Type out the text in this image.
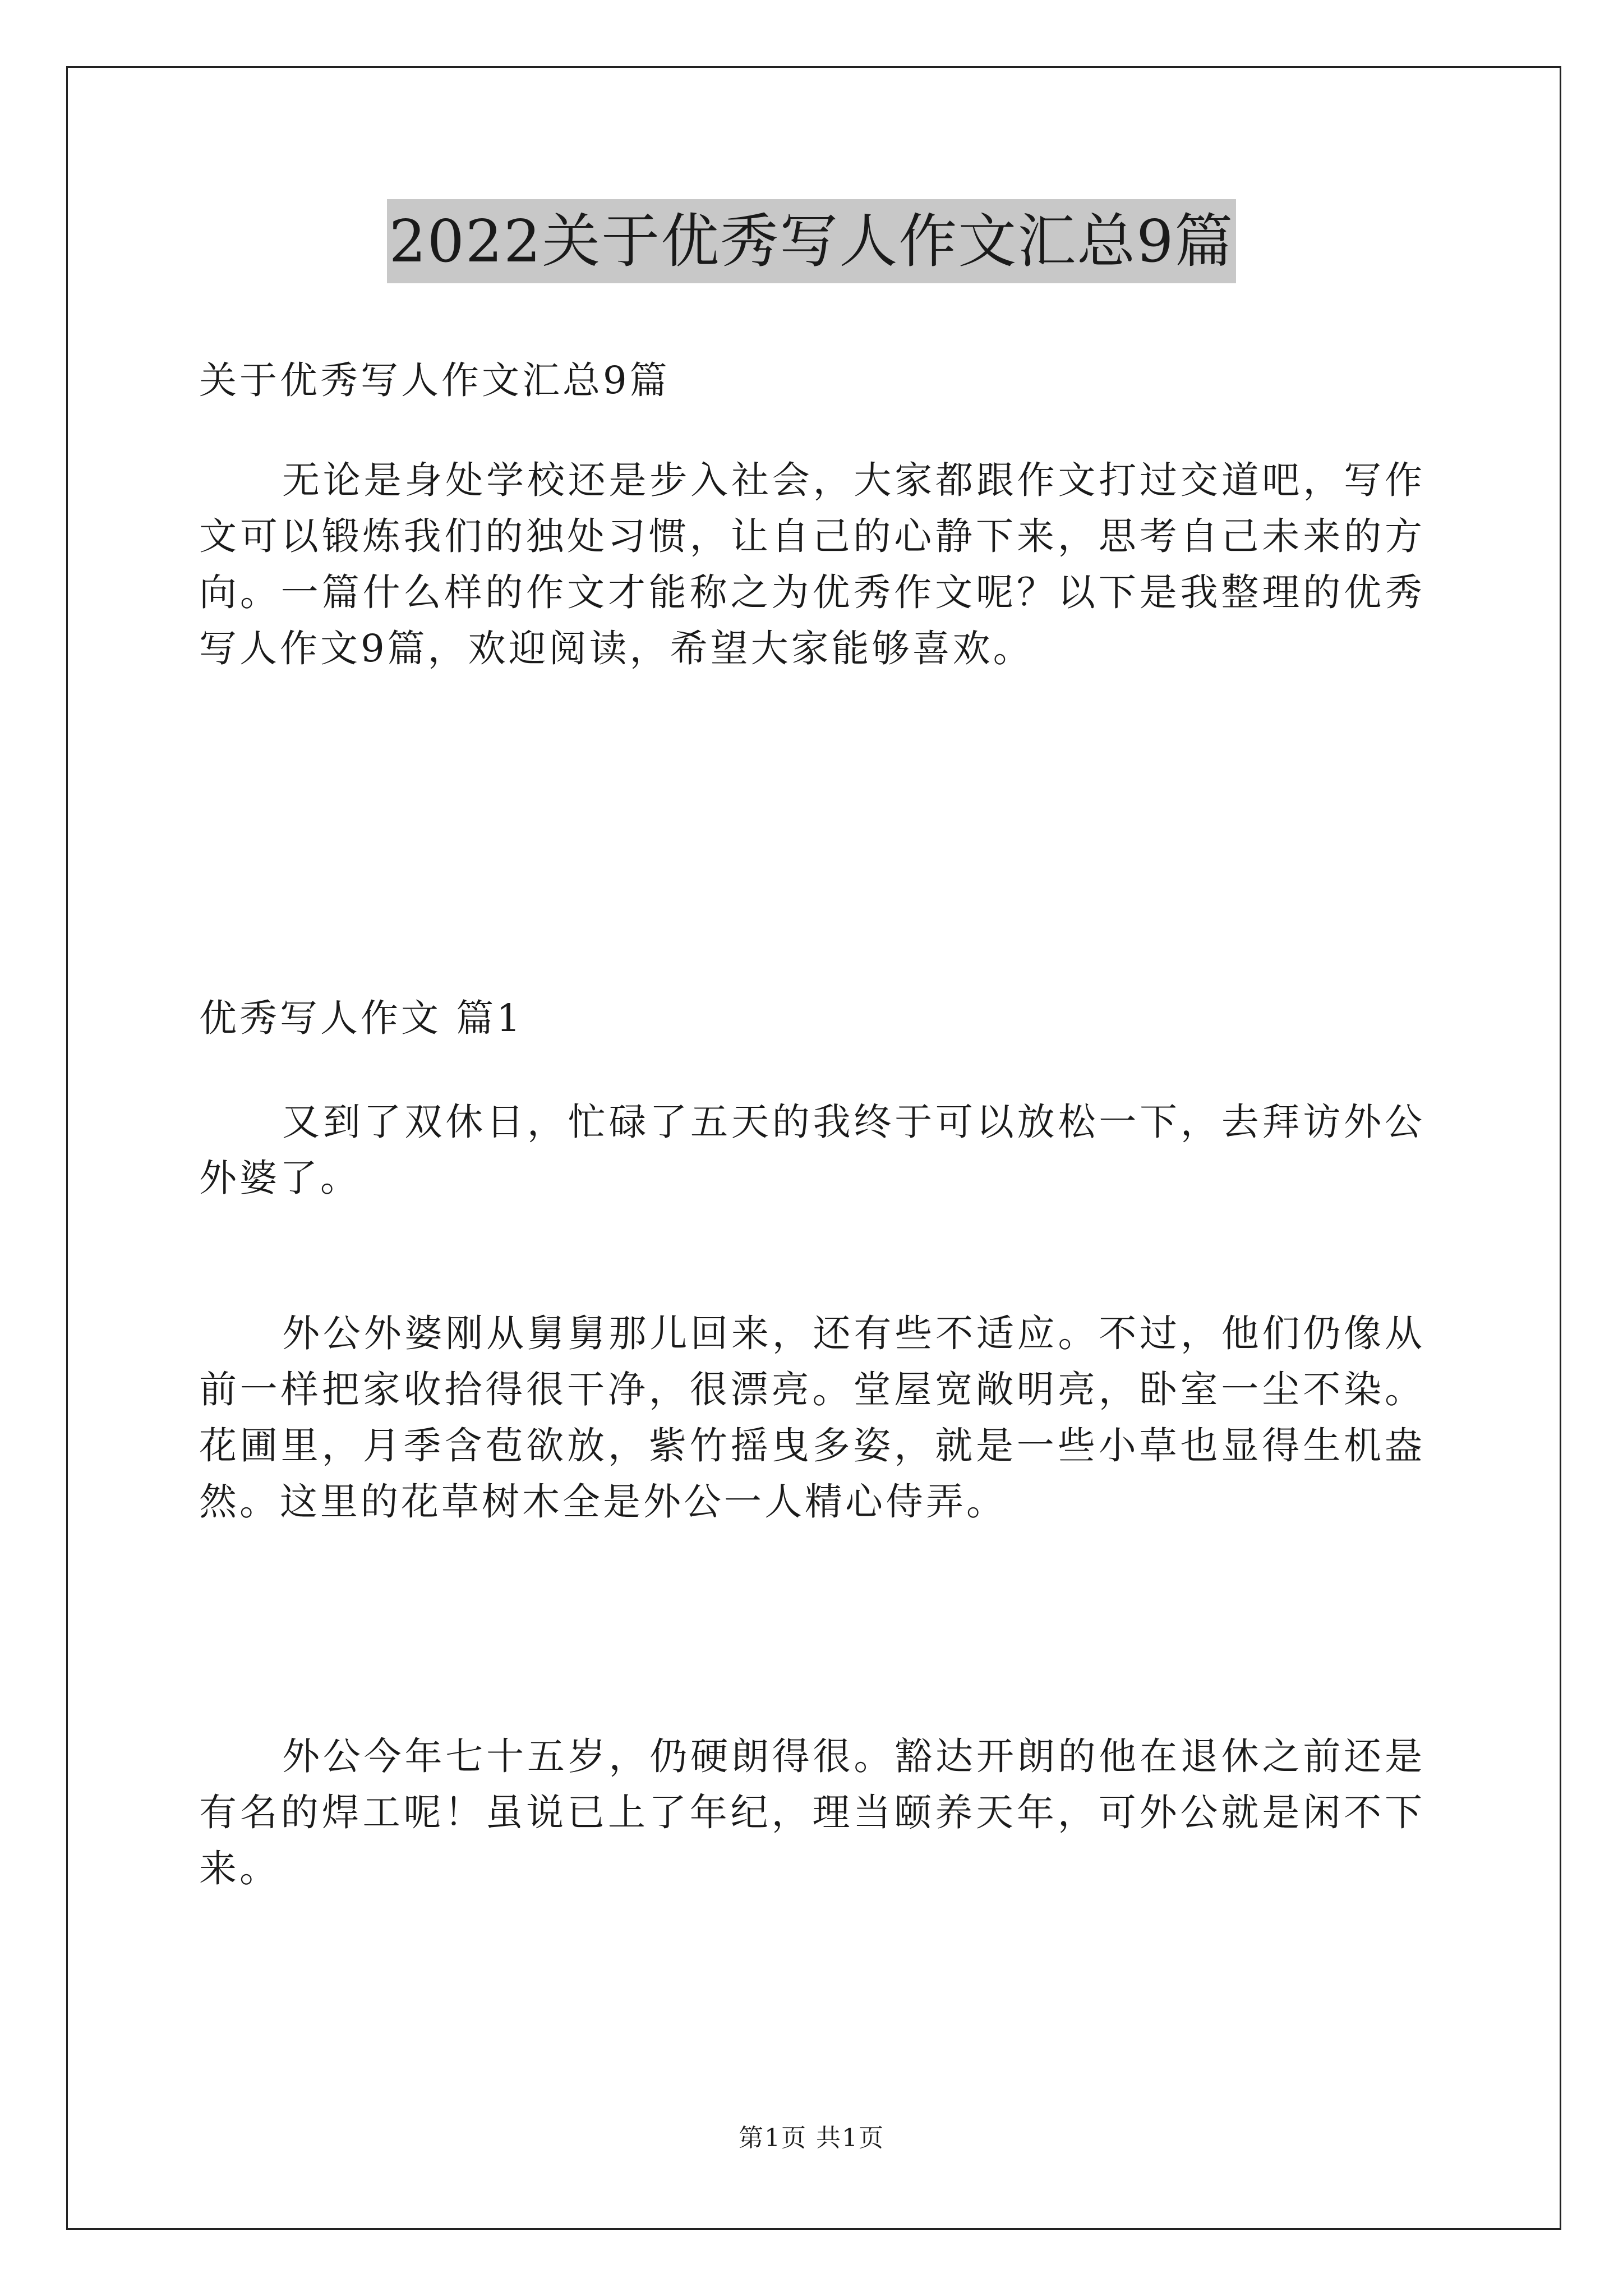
2022关于优秀写人作文汇总9篇

关于优秀写人作文汇总9篇

无论是身处学校还是步入社会，大家都跟作文打过交道吧，写作文可以锻炼我们的独处习惯，让自己的心静下来，思考自己未来的方向。一篇什么样的作文才能称之为优秀作文呢？以下是我整理的优秀写人作文9篇，欢迎阅读，希望大家能够喜欢。

优秀写人作文 篇1

又到了双休日，忙碌了五天的我终于可以放松一下，去拜访外公外婆了。

外公外婆刚从舅舅那儿回来，还有些不适应。不过，他们仍像从前一样把家收拾得很干净，很漂亮。堂屋宽敞明亮，卧室一尘不染。花圃里，月季含苞欲放，紫竹摇曳多姿，就是一些小草也显得生机盎然。这里的花草树木全是外公一人精心侍弄。

外公今年七十五岁，仍硬朗得很。豁达开朗的他在退休之前还是有名的焊工呢！虽说已上了年纪，理当颐养天年，可外公就是闲不下来。

第1页 共1页
